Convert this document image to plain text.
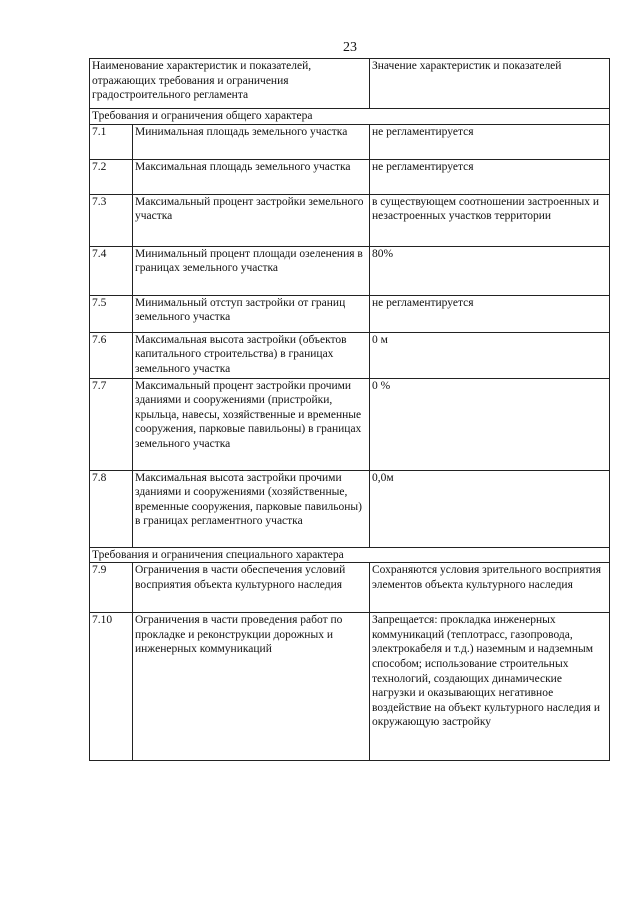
23
Наименование характеристик и показателей, отражающих требования и ограничения градостроительного регламента		Значение характеристик и показателей
Требования и ограничения общего характера		
7.1	Минимальная площадь земельного участка	не регламентируется
7.2	Максимальная площадь земельного участка	не регламентируется
7.3	Максимальный процент застройки земельного участка	в существующем соотношении застроенных и незастроенных участков территории
7.4	Минимальный процент площади озеленения в границах земельного участка	80%
7.5	Минимальный отступ застройки от границ земельного участка	не регламентируется
7.6	Максимальная высота застройки (объектов капитального строительства) в границах земельного участка	0 м
7.7	Максимальный процент застройки прочими зданиями и сооружениями (пристройки, крыльца, навесы, хозяйственные и временные сооружения, парковые павильоны) в границах земельного участка	0 %
7.8	Максимальная высота застройки прочими зданиями и сооружениями (хозяйственные, временные сооружения, парковые павильоны) в границах регламентного участка	0,0м
Требования и ограничения специального характера		
7.9	Ограничения в части обеспечения условий восприятия объекта культурного наследия	Сохраняются условия зрительного восприятия элементов объекта культурного наследия
7.10	Ограничения в части проведения работ по прокладке и реконструкции дорожных и инженерных коммуникаций	Запрещается: прокладка инженерных коммуникаций (теплотрасс, газопровода, электрокабеля и т.д.) наземным и надземным способом; использование строительных технологий, создающих динамические нагрузки и оказывающих негативное воздействие на объект культурного наследия и окружающую застройку
